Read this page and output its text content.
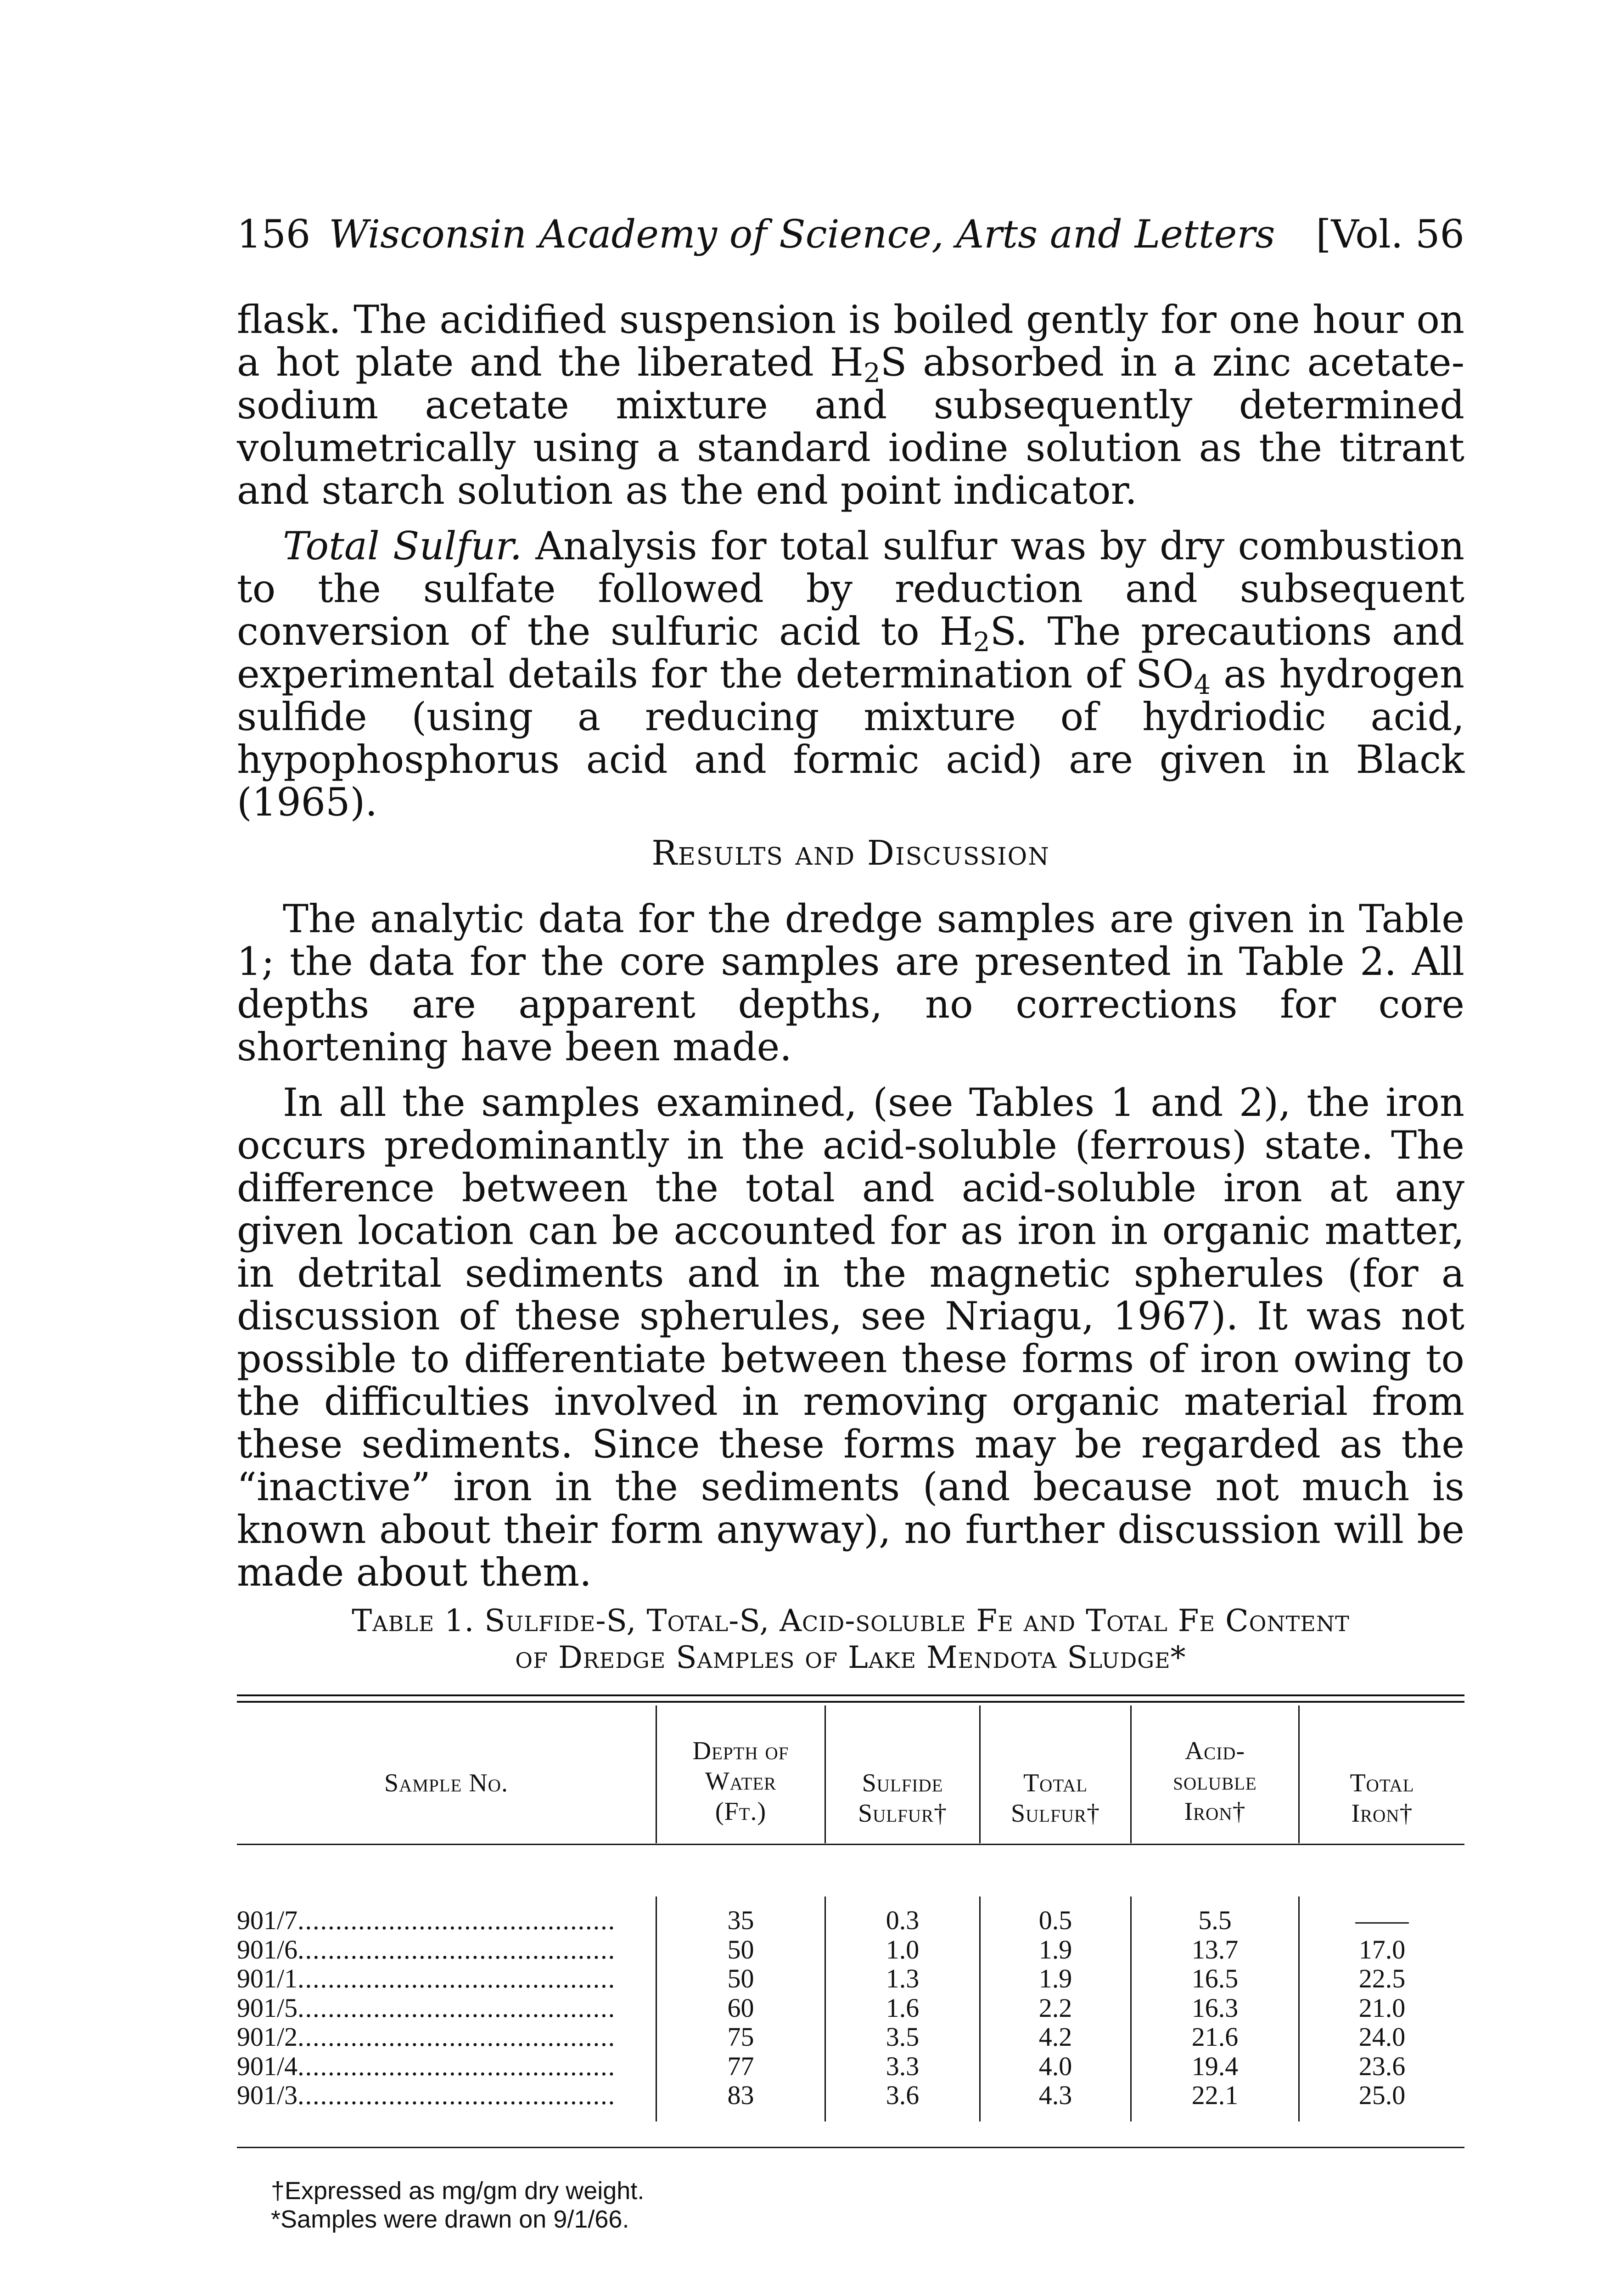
156 Wisconsin Academy of Science, Arts and Letters	[Vol. 56

flask. The acidified suspension is boiled gently for one hour on a hot plate and the liberated $H_2S$ absorbed in a zinc acetate-sodium acetate mixture and subsequently determined volumetrically using a standard iodine solution as the titrant and starch solution as the end point indicator.

Total Sulfur. Analysis for total sulfur was by dry combustion to the sulfate followed by reduction and subsequent conversion of the sulfuric acid to $H_2S$. The precautions and experimental details for the determination of $SO_4$ as hydrogen sulfide (using a reducing mixture of hydriodic acid, hypophosphorus acid and formic acid) are given in Black (1965).

Results and Discussion

The analytic data for the dredge samples are given in Table 1; the data for the core samples are presented in Table 2. All depths are apparent depths, no corrections for core shortening have been made.

In all the samples examined, (see Tables 1 and 2), the iron occurs predominantly in the acid-soluble (ferrous) state. The difference between the total and acid-soluble iron at any given location can be accounted for as iron in organic matter, in detrital sediments and in the magnetic spherules (for a discussion of these spherules, see Nriagu, 1967). It was not possible to differentiate between these forms of iron owing to the difficulties involved in removing organic material from these sediments. Since these forms may be regarded as the “inactive” iron in the sediments (and because not much is known about their form anyway), no further discussion will be made about them.

Table 1. Sulfide-S, Total-S, Acid-soluble Fe and Total Fe Content
of Dredge Samples of Lake Mendota Sludge*
Sample No.
Depth of
Water
(Ft.)
Sulfide
Sulfur†
Total
Sulfur†
Acid-
soluble
Iron†
Total
Iron†
901/7 ..........................................
901/6 ..........................................
901/1 ..........................................
901/5 ..........................................
901/2 ..........................................
901/4 ..........................................
901/3 ..........................................
35
50
50
60
75
77
83
0.3
1.0
1.3
1.6
3.5
3.3
3.6
0.5
1.9
1.9
2.2
4.2
4.0
4.3
5.5
13.7
16.5
16.3
21.6
19.4
22.1
——
17.0
22.5
21.0
24.0
23.6
25.0
†Expressed as mg/gm dry weight.
*Samples were drawn on 9/1/66.
